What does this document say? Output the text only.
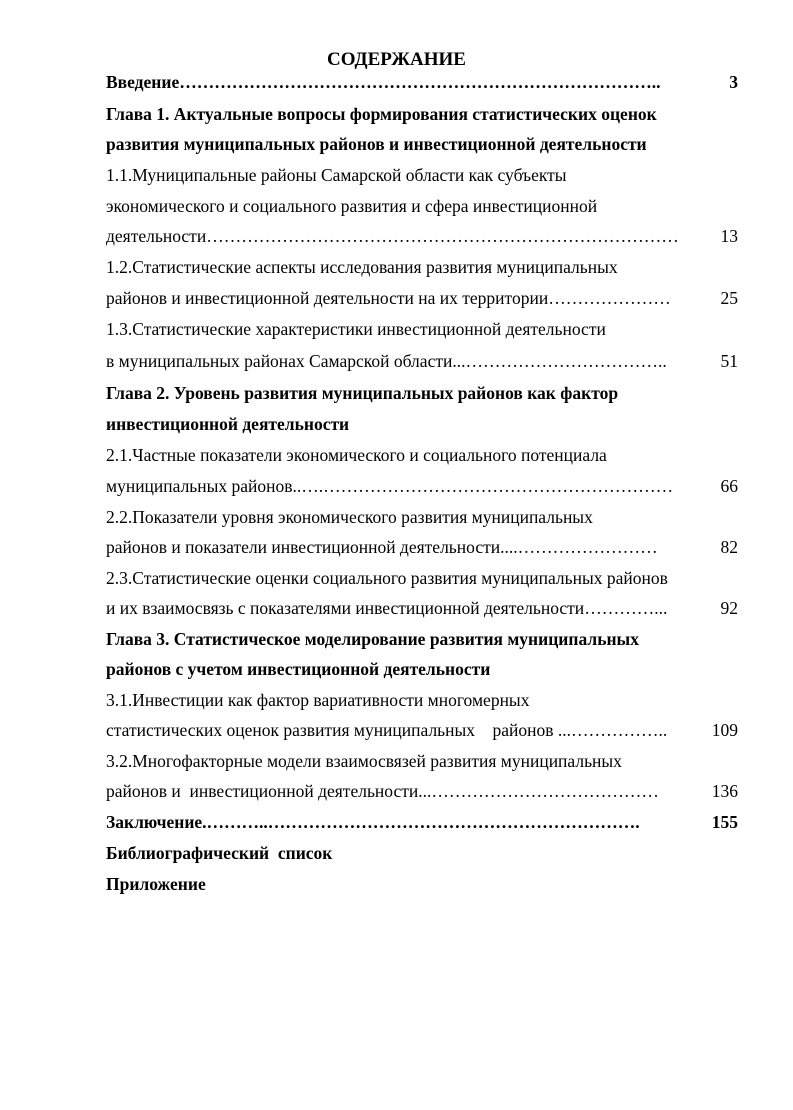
СОДЕРЖАНИЕ
Введение ………………………………………………………………………..	3
Глава 1. Актуальные вопросы формирования статистических оценок
развития муниципальных районов и инвестиционной деятельности
1.1.Муниципальные районы Самарской области как субъекты
экономического и социального развития и сфера инвестиционной
деятельности ………………………………………………………………………	13
1.2.Статистические аспекты исследования развития муниципальных
районов и инвестиционной деятельности на их территории …………………	25
1.3.Статистические характеристики инвестиционной деятельности
в муниципальных районах Самарской области ...……………………………..	51
Глава 2. Уровень развития муниципальных районов как фактор
инвестиционной деятельности
2.1.Частные показатели экономического и социального потенциала
муниципальных районов ..….……………………………………………………	66
2.2.Показатели уровня экономического развития муниципальных
районов и показатели инвестиционной деятельности ....……………………	82
2.3.Статистические оценки социального развития муниципальных районов
и их взаимосвязь с показателями инвестиционной деятельности …………...	92
Глава 3. Статистическое моделирование развития муниципальных
районов с учетом инвестиционной деятельности
3.1.Инвестиции как фактор вариативности многомерных
статистических оценок развития муниципальных    районов ...……………..	109
3.2.Многофакторные модели взаимосвязей развития муниципальных
районов и  инвестиционной деятельности ...…………………………………	136
Заключение .………..……………………………………………………….	155
Библиографический  список
Приложение
